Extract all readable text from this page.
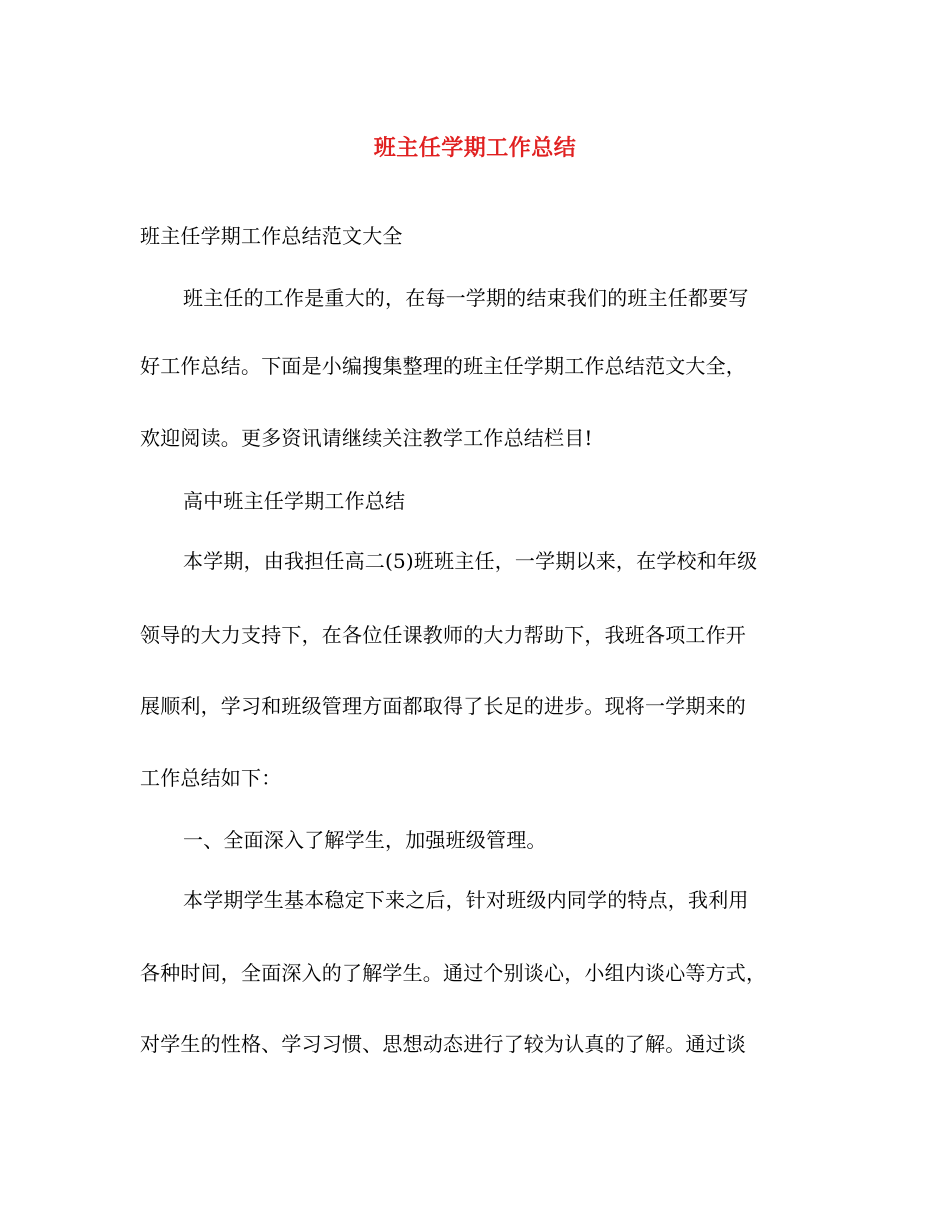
班主任学期工作总结
班主任学期工作总结范文大全
班主任的工作是重大的，在每一学期的结束我们的班主任都要写
好工作总结。下面是小编搜集整理的班主任学期工作总结范文大全，
欢迎阅读。更多资讯请继续关注教学工作总结栏目!
高中班主任学期工作总结
本学期，由我担任高二(5)班班主任，一学期以来，在学校和年级
领导的大力支持下，在各位任课教师的大力帮助下，我班各项工作开
展顺利，学习和班级管理方面都取得了长足的进步。现将一学期来的
工作总结如下：
一、全面深入了解学生，加强班级管理。
本学期学生基本稳定下来之后，针对班级内同学的特点，我利用
各种时间，全面深入的了解学生。通过个别谈心，小组内谈心等方式，
对学生的性格、学习习惯、思想动态进行了较为认真的了解。通过谈
